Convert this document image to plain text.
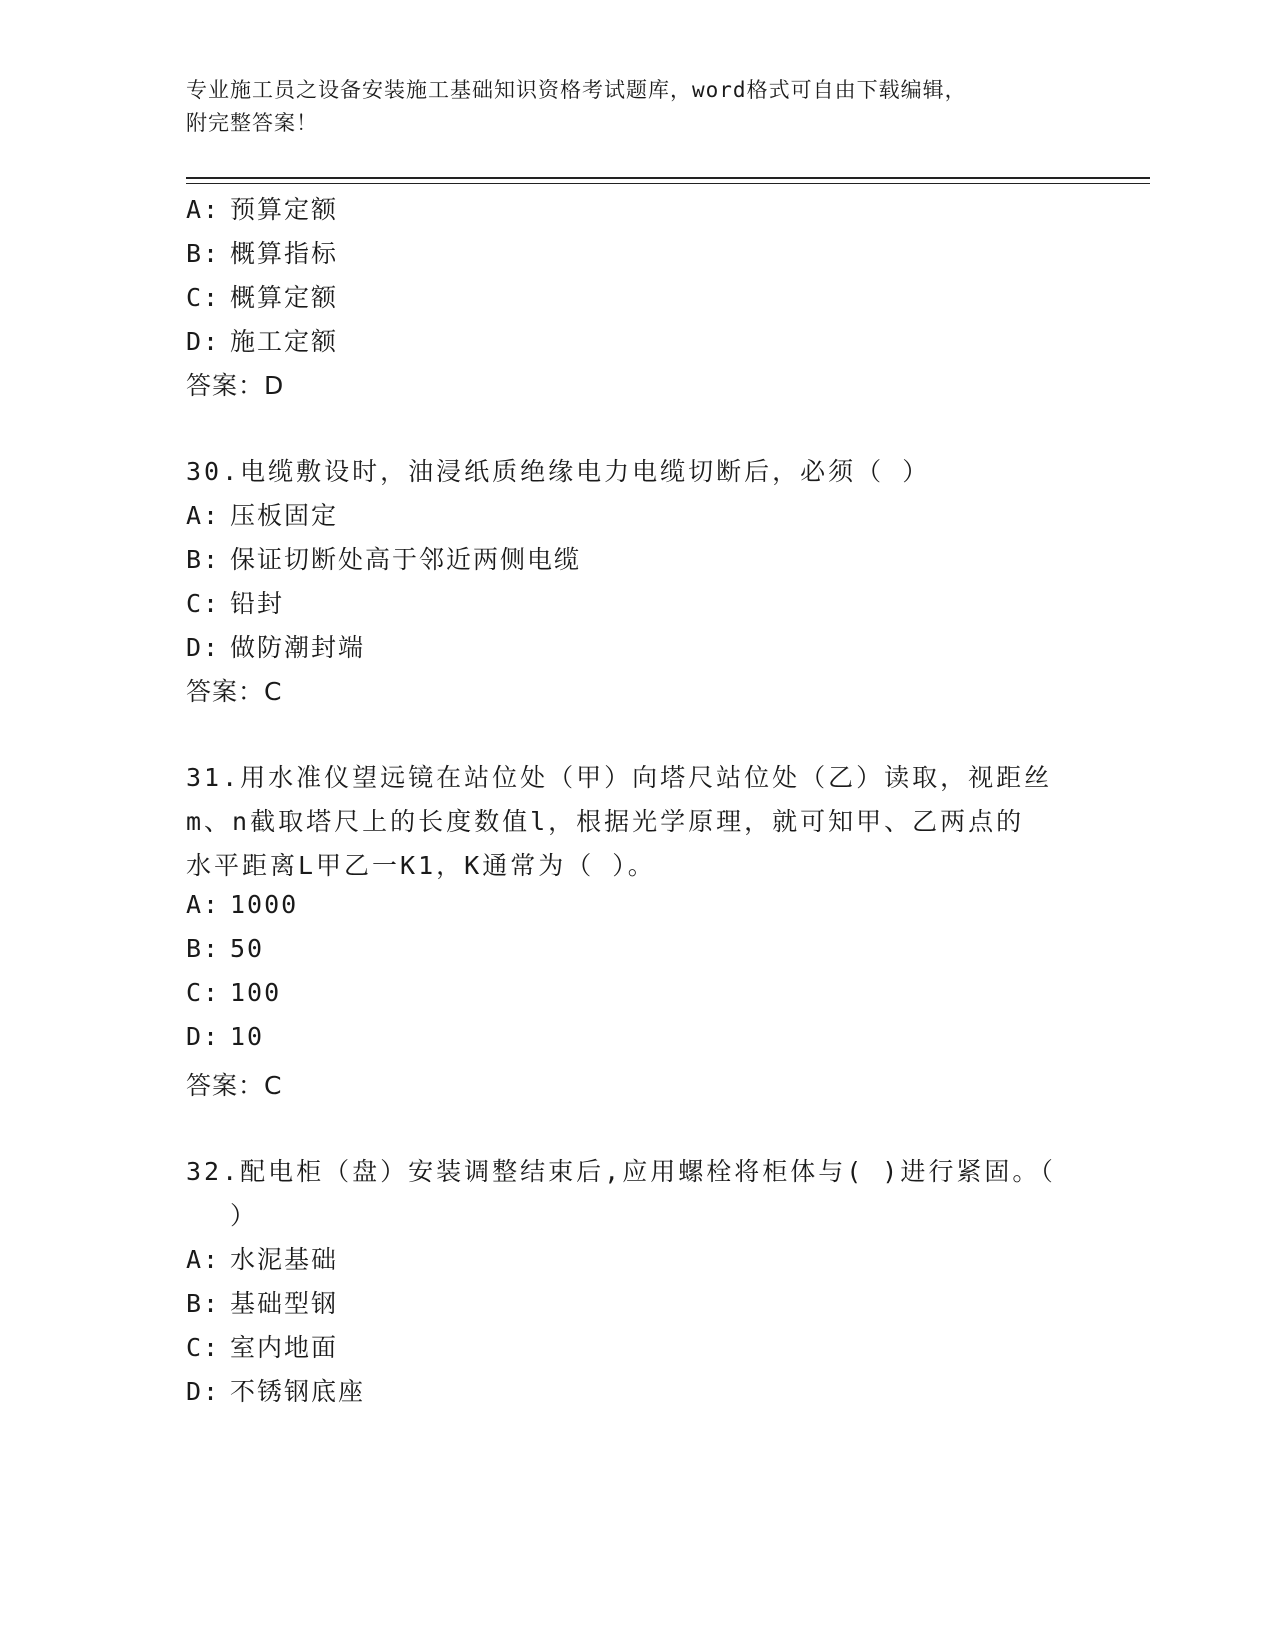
专业施工员之设备安装施工基础知识资格考试题库，word格式可自由下载编辑，
附完整答案！
A: 预算定额
B: 概算指标
C: 概算定额
D: 施工定额
答案：D
30.电缆敷设时，油浸纸质绝缘电力电缆切断后，必须（ ）
A: 压板固定
B: 保证切断处高于邻近两侧电缆
C: 铅封
D: 做防潮封端
答案：C
31.用水准仪望远镜在站位处（甲）向塔尺站位处（乙）读取，视距丝
m、n截取塔尺上的长度数值l，根据光学原理，就可知甲、乙两点的
水平距离L甲乙一K1，K通常为（ ）。
A: 1000
B: 50
C: 100
D: 10
答案：C
32.配电柜（盘）安装调整结束后,应用螺栓将柜体与( )进行紧固。（
）
A: 水泥基础
B: 基础型钢
C: 室内地面
D: 不锈钢底座
